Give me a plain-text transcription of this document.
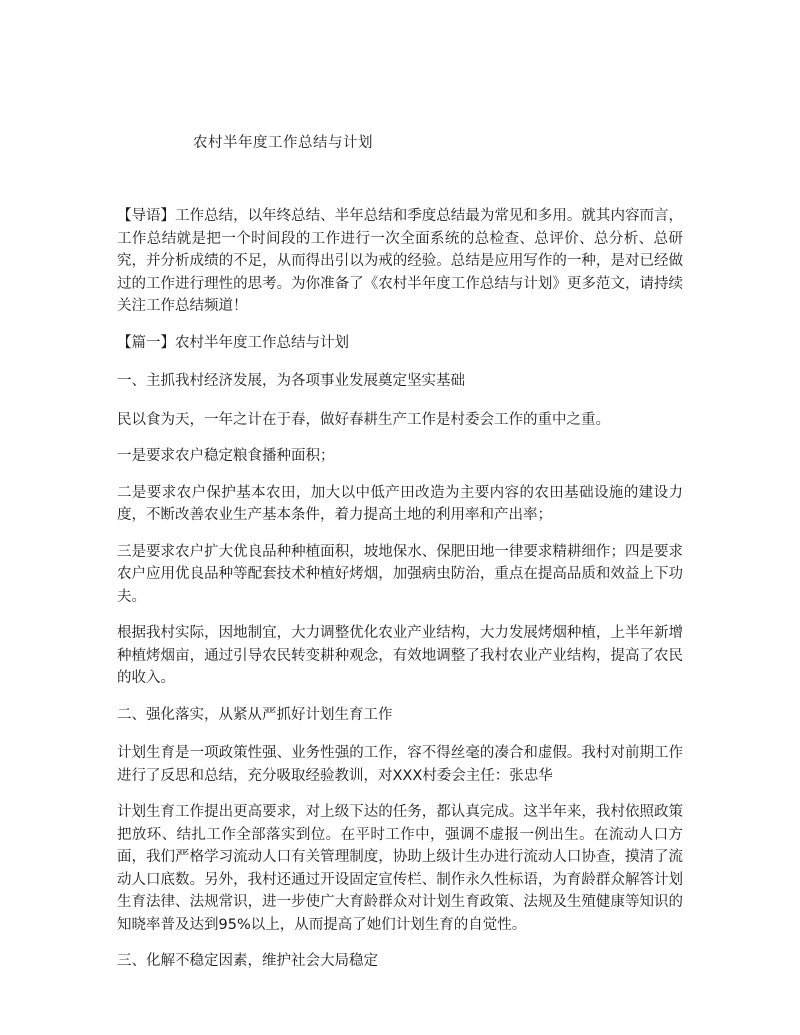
农村半年度工作总结与计划

【导语】工作总结，以年终总结、半年总结和季度总结最为常见和多用。就其内容而言，工作总结就是把一个时间段的工作进行一次全面系统的总检查、总评价、总分析、总研究，并分析成绩的不足，从而得出引以为戒的经验。总结是应用写作的一种，是对已经做过的工作进行理性的思考。为你准备了《农村半年度工作总结与计划》更多范文，请持续关注工作总结频道！

【篇一】农村半年度工作总结与计划

一、主抓我村经济发展，为各项事业发展奠定坚实基础

民以食为天，一年之计在于春，做好春耕生产工作是村委会工作的重中之重。

一是要求农户稳定粮食播种面积；

二是要求农户保护基本农田，加大以中低产田改造为主要内容的农田基础设施的建设力度，不断改善农业生产基本条件，着力提高土地的利用率和产出率；

三是要求农户扩大优良品种种植面积，坡地保水、保肥田地一律要求精耕细作；四是要求农户应用优良品种等配套技术种植好烤烟，加强病虫防治，重点在提高品质和效益上下功夫。

根据我村实际，因地制宜，大力调整优化农业产业结构，大力发展烤烟种植，上半年新增种植烤烟亩，通过引导农民转变耕种观念，有效地调整了我村农业产业结构，提高了农民的收入。

二、强化落实，从紧从严抓好计划生育工作

计划生育是一项政策性强、业务性强的工作，容不得丝毫的凑合和虚假。我村对前期工作进行了反思和总结，充分吸取经验教训，对XXX村委会主任：张忠华

计划生育工作提出更高要求，对上级下达的任务，都认真完成。这半年来，我村依照政策把放环、结扎工作全部落实到位。在平时工作中，强调不虚报一例出生。在流动人口方面，我们严格学习流动人口有关管理制度，协助上级计生办进行流动人口协查，摸清了流动人口底数。另外，我村还通过开设固定宣传栏、制作永久性标语，为育龄群众解答计划生育法律、法规常识，进一步使广大育龄群众对计划生育政策、法规及生殖健康等知识的知晓率普及达到95%以上，从而提高了她们计划生育的自觉性。

三、化解不稳定因素，维护社会大局稳定
